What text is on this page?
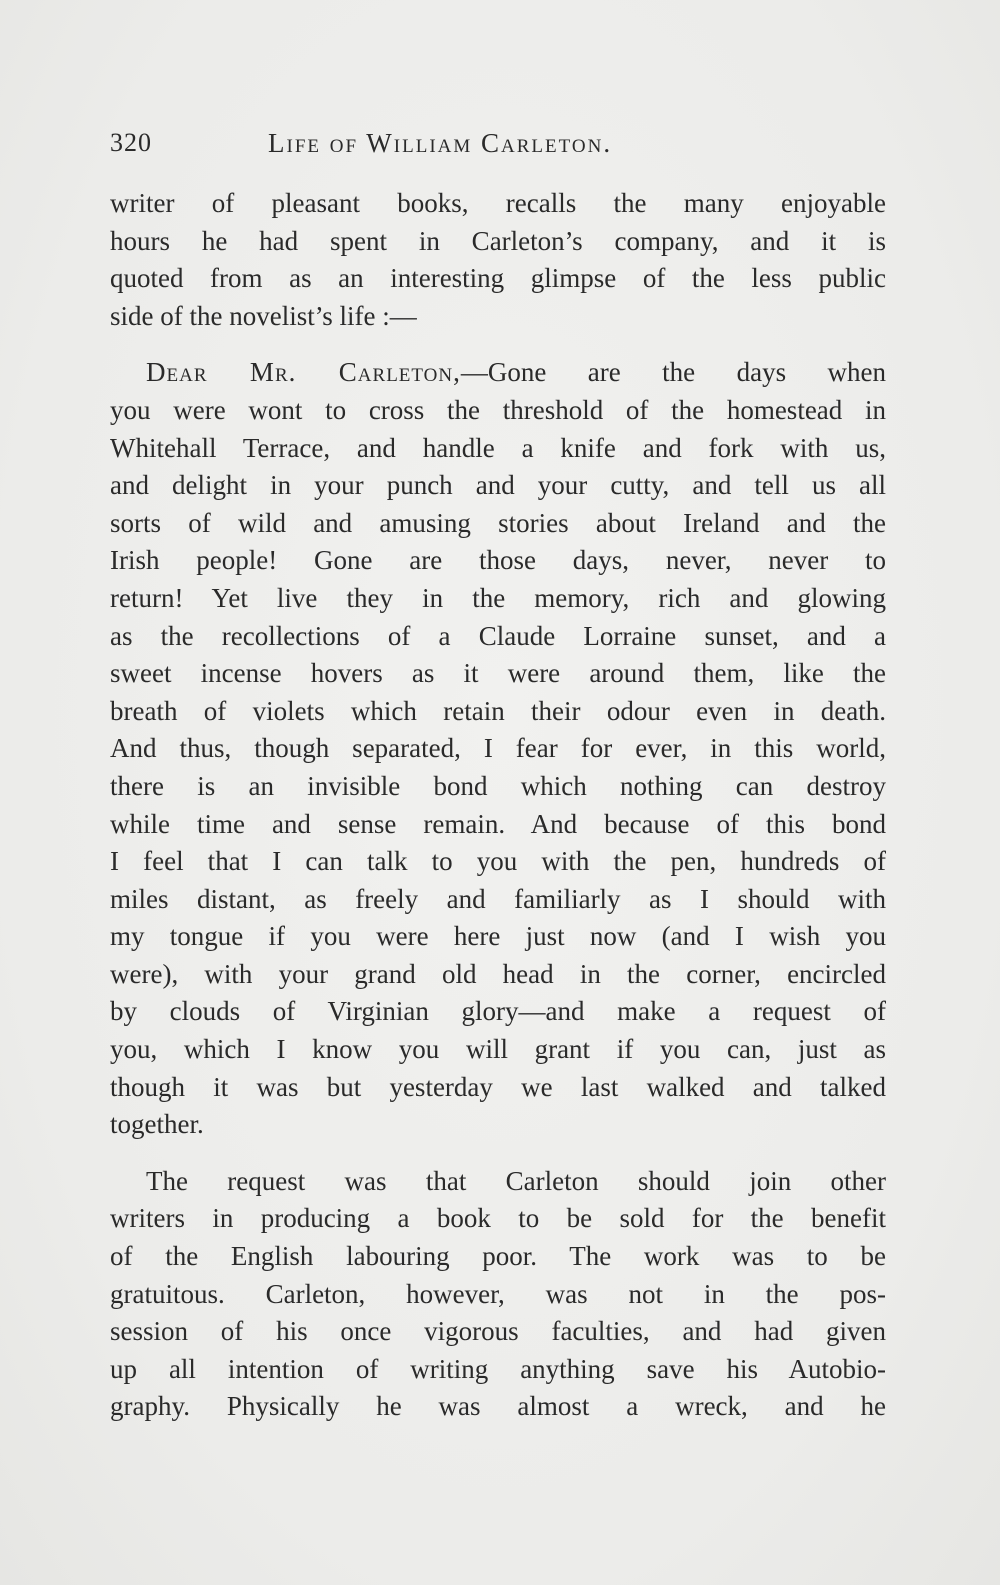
320	Life of William Carleton.
writer of pleasant books, recalls the many enjoyable
hours he had spent in Carleton’s company, and it is
quoted from as an interesting glimpse of the less public
side of the novelist’s life :—
Dear Mr. Carleton,—Gone are the days when
you were wont to cross the threshold of the homestead in
Whitehall Terrace, and handle a knife and fork with us,
and delight in your punch and your cutty, and tell us all
sorts of wild and amusing stories about Ireland and the
Irish people! Gone are those days, never, never to
return! Yet live they in the memory, rich and glowing
as the recollections of a Claude Lorraine sunset, and a
sweet incense hovers as it were around them, like the
breath of violets which retain their odour even in death.
And thus, though separated, I fear for ever, in this world,
there is an invisible bond which nothing can destroy
while time and sense remain. And because of this bond
I feel that I can talk to you with the pen, hundreds of
miles distant, as freely and familiarly as I should with
my tongue if you were here just now (and I wish you
were), with your grand old head in the corner, encircled
by clouds of Virginian glory—and make a request of
you, which I know you will grant if you can, just as
though it was but yesterday we last walked and talked
together.
The request was that Carleton should join other
writers in producing a book to be sold for the benefit
of the English labouring poor. The work was to be
gratuitous. Carleton, however, was not in the pos-
session of his once vigorous faculties, and had given
up all intention of writing anything save his Autobio-
graphy. Physically he was almost a wreck, and he
